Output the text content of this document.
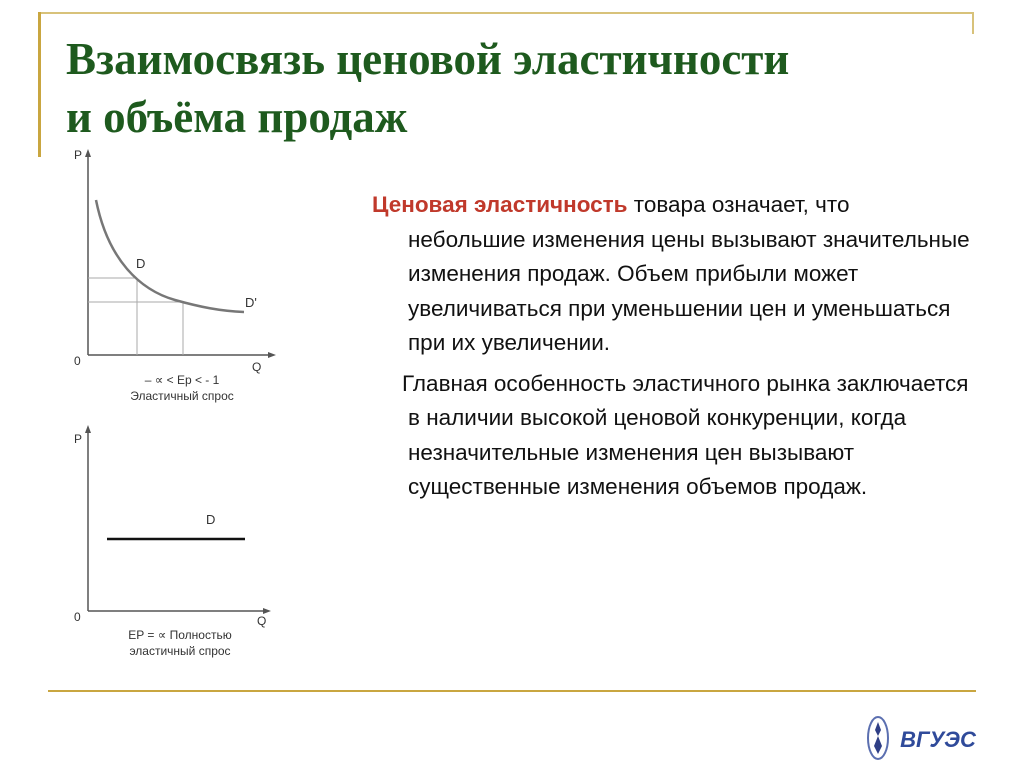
Взаимосвязь ценовой эластичности
и объёма продаж
P
Q
0
D
D'
– ∝ < Eр < - 1
Эластичный спрос
P
Q
0
D
EP = ∝ Полностью
эластичный спрос

Ценовая эластичность товара означает, что небольшие изменения цены вызывают значительные изменения продаж. Объем прибыли может увеличиваться при уменьшении цен и уменьшаться при их увеличении.

Главная особенность эластичного рынка заключается в наличии высокой ценовой конкуренции, когда незначительные изменения цен вызывают существенные изменения объемов продаж.

ВГУЭС
